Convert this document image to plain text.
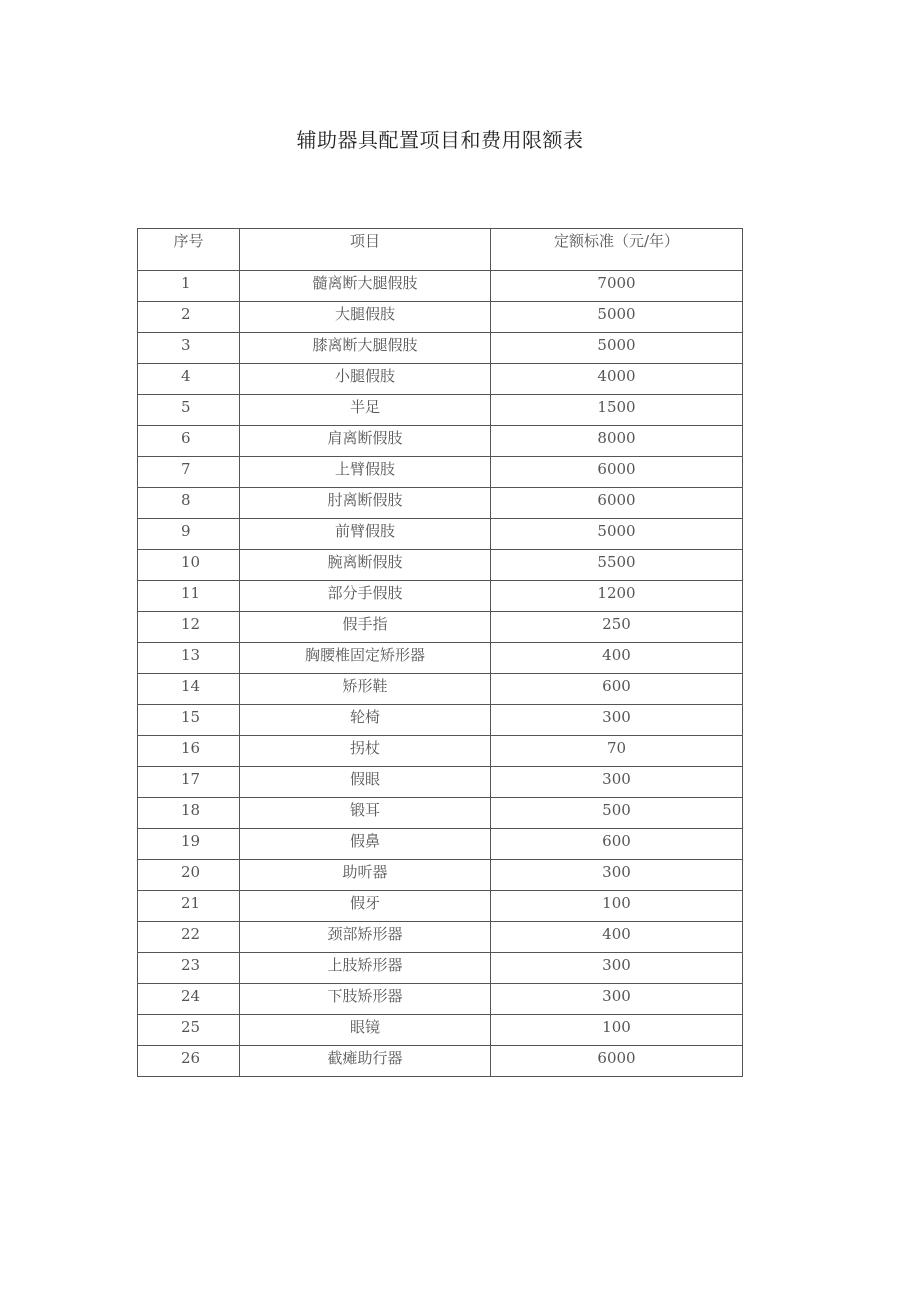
辅助器具配置项目和费用限额表
序号	项目	定额标准（元/年）
1	髓离断大腿假肢	7000
2	大腿假肢	5000
3	膝离断大腿假肢	5000
4	小腿假肢	4000
5	半足	1500
6	肩离断假肢	8000
7	上臂假肢	6000
8	肘离断假肢	6000
9	前臂假肢	5000
10	腕离断假肢	5500
11	部分手假肢	1200
12	假手指	250
13	胸腰椎固定矫形器	400
14	矫形鞋	600
15	轮椅	300
16	拐杖	70
17	假眼	300
18	锻耳	500
19	假鼻	600
20	助听器	300
21	假牙	100
22	颈部矫形器	400
23	上肢矫形器	300
24	下肢矫形器	300
25	眼镜	100
26	截瘫助行器	6000
